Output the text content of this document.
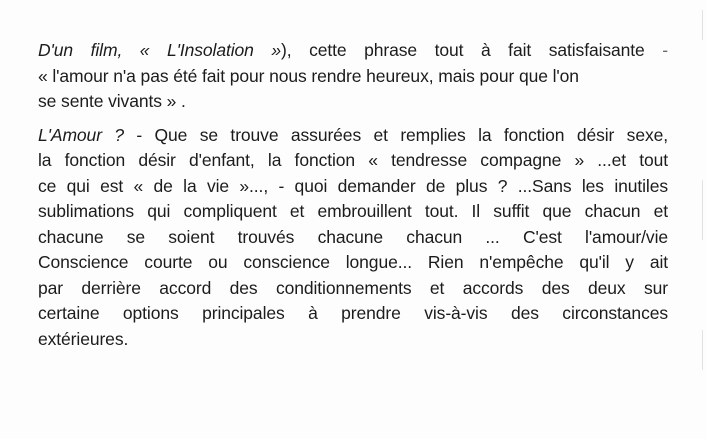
D'un film, « L'Insolation »), cette phrase tout à fait satisfaisante -
« l'amour n'a pas été fait pour nous rendre heureux, mais pour que l'on
se sente vivants » .

L'Amour ? - Que se trouve assurées et remplies la fonction désir sexe,
la fonction désir d'enfant, la fonction « tendresse compagne » ...et tout
ce qui est « de la vie »..., - quoi demander de plus ? ...Sans les inutiles
sublimations qui compliquent et embrouillent tout. Il suffit que chacun et
chacune se soient trouvés chacune chacun ... C'est l'amour/vie
Conscience courte ou conscience longue... Rien n'empêche qu'il y ait
par derrière accord des conditionnements et accords des deux sur
certaine options principales à prendre vis-à-vis des circonstances
extérieures.
